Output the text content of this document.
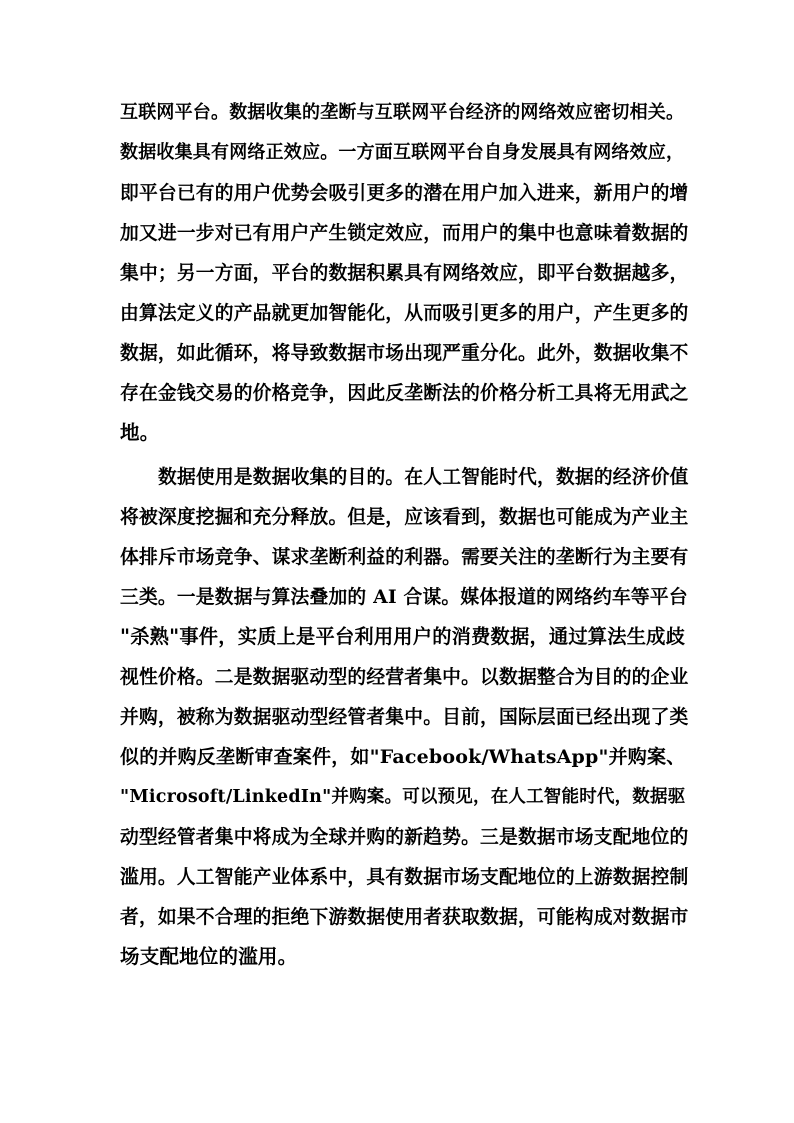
互联网平台。数据收集的垄断与互联网平台经济的网络效应密切相关。
数据收集具有网络正效应。一方面互联网平台自身发展具有网络效应，
即平台已有的用户优势会吸引更多的潜在用户加入进来，新用户的增
加又进一步对已有用户产生锁定效应，而用户的集中也意味着数据的
集中；另一方面，平台的数据积累具有网络效应，即平台数据越多，
由算法定义的产品就更加智能化，从而吸引更多的用户，产生更多的
数据，如此循环，将导致数据市场出现严重分化。此外，数据收集不
存在金钱交易的价格竞争，因此反垄断法的价格分析工具将无用武之
地。
数据使用是数据收集的目的。在人工智能时代，数据的经济价值
将被深度挖掘和充分释放。但是，应该看到，数据也可能成为产业主
体排斥市场竞争、谋求垄断利益的利器。需要关注的垄断行为主要有
三类。一是数据与算法叠加的 AI 合谋。媒体报道的网络约车等平台
"杀熟"事件，实质上是平台利用用户的消费数据，通过算法生成歧
视性价格。二是数据驱动型的经营者集中。以数据整合为目的的企业
并购，被称为数据驱动型经管者集中。目前，国际层面已经出现了类
似的并购反垄断审查案件，如"Facebook/WhatsApp"并购案、
"Microsoft/LinkedIn"并购案。可以预见，在人工智能时代，数据驱
动型经管者集中将成为全球并购的新趋势。三是数据市场支配地位的
滥用。人工智能产业体系中，具有数据市场支配地位的上游数据控制
者，如果不合理的拒绝下游数据使用者获取数据，可能构成对数据市
场支配地位的滥用。
